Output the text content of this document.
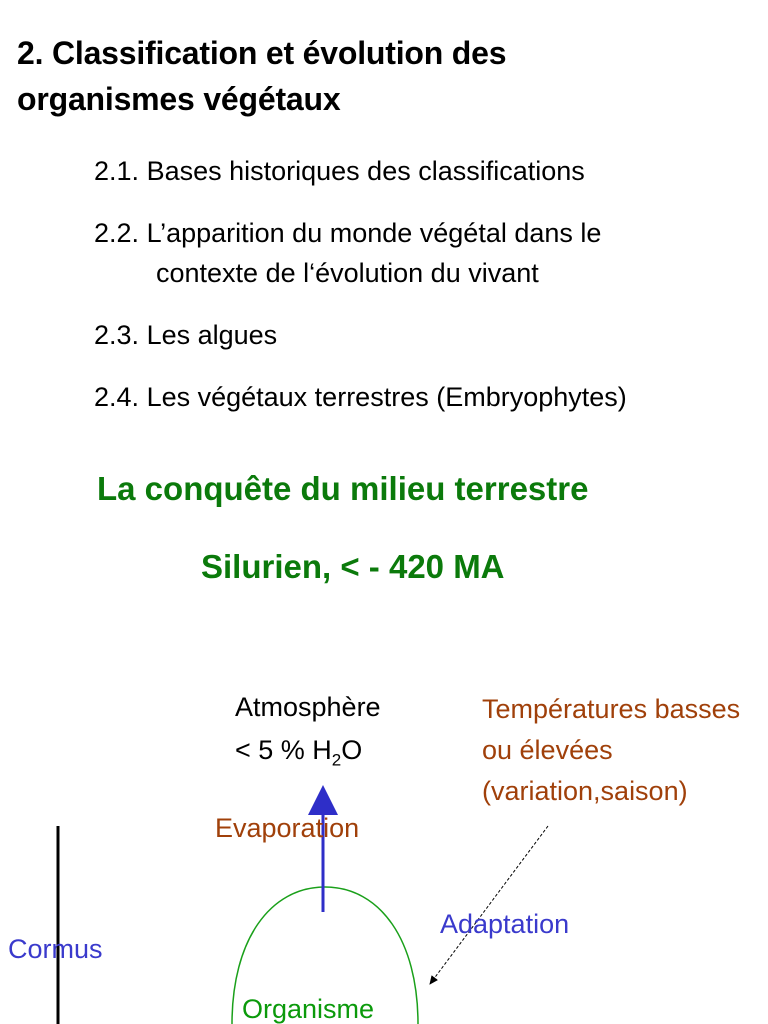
2. Classification et évolution des
organismes végétaux
2.1. Bases historiques des classifications
2.2. L’apparition du monde végétal dans le
contexte de l‘évolution du vivant
2.3. Les algues
2.4. Les végétaux terrestres (Embryophytes)
La conquête du milieu terrestre
Silurien, < - 420 MA
Atmosphère
< 5 % $H_2O$
Températures basses
ou élevées
(variation,saison)
Evaporation
Adaptation
Cormus
Organisme
